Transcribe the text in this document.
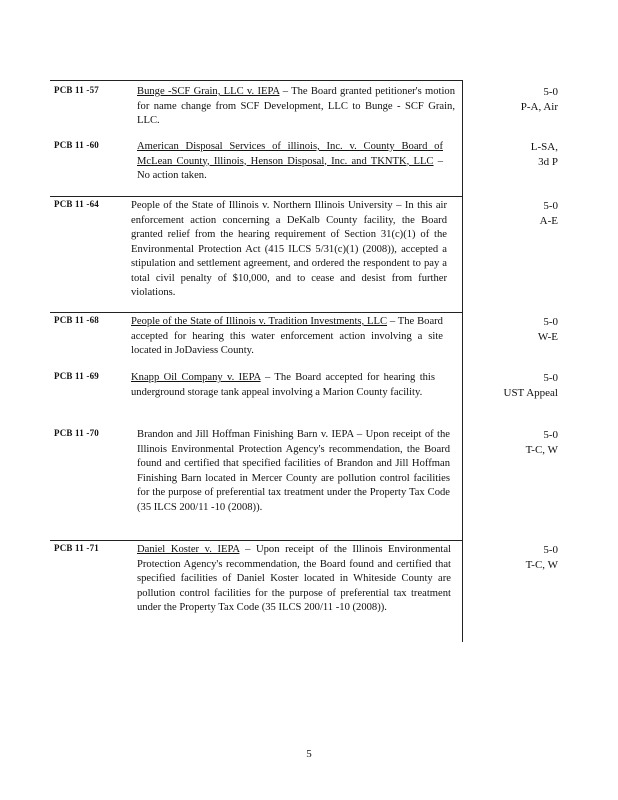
PCB 11 -57	Bunge -SCF Grain, LLC v. IEPA – The Board granted petitioner's motion for name change from SCF Development, LLC to Bunge - SCF Grain, LLC.
5-0
P-A, Air
PCB 11 -60	American Disposal Services of illinois, Inc. v. County Board of McLean County, Illinois, Henson Disposal, Inc. and TKNTK, LLC – No action taken.
L-SA,
3d P
PCB 11 -64	People of the State of Illinois v. Northern Illinois University – In this air enforcement action concerning a DeKalb County facility, the Board granted relief from the hearing requirement of Section 31(c)(1) of the Environmental Protection Act (415 ILCS 5/31(c)(1) (2008)), accepted a stipulation and settlement agreement, and ordered the respondent to pay a total civil penalty of $10,000, and to cease and desist from further violations.
5-0
A-E
PCB 11 -68	People of the State of Illinois v. Tradition Investments, LLC – The Board accepted for hearing this water enforcement action involving a site located in JoDaviess County.
5-0
W-E
PCB 11 -69	Knapp Oil Company v. IEPA – The Board accepted for hearing this underground storage tank appeal involving a Marion County facility.
5-0
UST Appeal
PCB 11 -70	Brandon and Jill Hoffman Finishing Barn v. IEPA – Upon receipt of the Illinois Environmental Protection Agency's recommendation, the Board found and certified that specified facilities of Brandon and Jill Hoffman Finishing Barn located in Mercer County are pollution control facilities for the purpose of preferential tax treatment under the Property Tax Code (35 ILCS 200/11 -10 (2008)).
5-0
T-C, W
PCB 11 -71	Daniel Koster v. IEPA – Upon receipt of the Illinois Environmental Protection Agency's recommendation, the Board found and certified that specified facilities of Daniel Koster located in Whiteside County are pollution control facilities for the purpose of preferential tax treatment under the Property Tax Code (35 ILCS 200/11 -10 (2008)).
5-0
T-C, W
5
